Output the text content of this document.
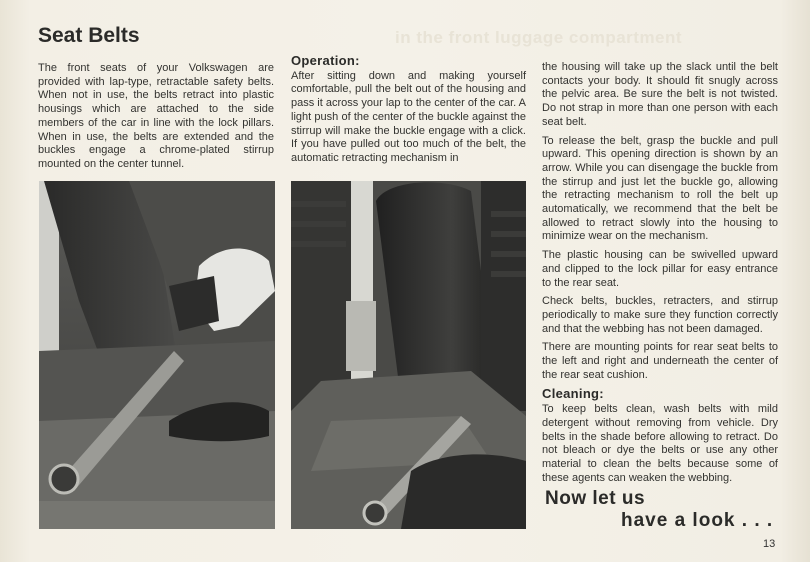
in the front luggage compartment
Seat Belts

The front seats of your Volkswagen are provided with lap-type, retractable safety belts. When not in use, the belts retract into plastic housings which are attached to the side members of the car in line with the lock pillars. When in use, the belts are extended and the buckles engage a chrome-plated stirrup mounted on the center tunnel.

Operation:

After sitting down and making yourself comfortable, pull the belt out of the housing and pass it across your lap to the center of the car. A light push of the center of the buckle against the stirrup will make the buckle engage with a click. If you have pulled out too much of the belt, the automatic retracting mechanism in

the housing will take up the slack until the belt contacts your body. It should fit snugly across the pelvic area. Be sure the belt is not twisted. Do not strap in more than one person with each seat belt.

To release the belt, grasp the buckle and pull upward. This opening direction is shown by an arrow. While you can disengage the buckle from the stirrup and just let the buckle go, allowing the retracting mechanism to roll the belt up automatically, we recommend that the belt be allowed to retract slowly into the housing to minimize wear on the mechanism.

The plastic housing can be swivelled upward and clipped to the lock pillar for easy entrance to the rear seat.

Check belts, buckles, retracters, and stirrup periodically to make sure they function correctly and that the webbing has not been damaged.

There are mounting points for rear seat belts to the left and right and underneath the center of the rear seat cushion.

Cleaning:

To keep belts clean, wash belts with mild detergent without removing from vehicle. Dry belts in the shade before allowing to retract. Do not bleach or dye the belts or use any other material to clean the belts because some of these agents can weaken the webbing.

Now let us
have a look . . .
13
